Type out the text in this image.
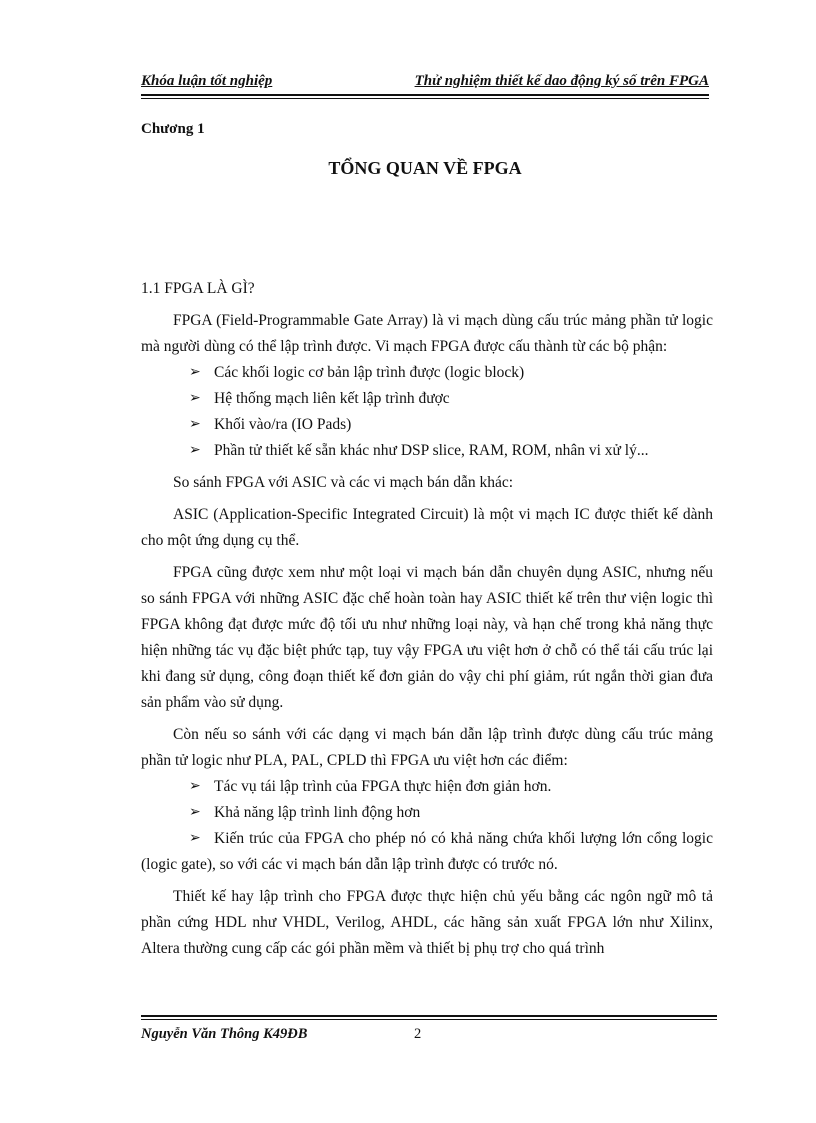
Khóa luận tốt nghiệp	Thử nghiệm thiết kế dao động ký số trên FPGA
Chương 1
TỔNG QUAN VỀ FPGA

1.1 FPGA LÀ GÌ?

FPGA (Field-Programmable Gate Array) là vi mạch dùng cấu trúc mảng phần tử logic mà người dùng có thể lập trình được. Vi mạch FPGA được cấu thành từ các bộ phận:

➢ Các khối logic cơ bản lập trình được (logic block)
➢ Hệ thống mạch liên kết lập trình được
➢ Khối vào/ra (IO Pads)
➢ Phần tử thiết kế sẵn khác như DSP slice, RAM, ROM, nhân vi xử lý...

So sánh FPGA với ASIC và các vi mạch bán dẫn khác:

ASIC (Application-Specific Integrated Circuit) là một vi mạch IC được thiết kế dành cho một ứng dụng cụ thể.

FPGA cũng được xem như một loại vi mạch bán dẫn chuyên dụng ASIC, nhưng nếu so sánh FPGA với những ASIC đặc chế hoàn toàn hay ASIC thiết kế trên thư viện logic thì FPGA không đạt được mức độ tối ưu như những loại này, và hạn chế trong khả năng thực hiện những tác vụ đặc biệt phức tạp, tuy vậy FPGA ưu việt hơn ở chỗ có thể tái cấu trúc lại khi đang sử dụng, công đoạn thiết kế đơn giản do vậy chi phí giảm, rút ngắn thời gian đưa sản phẩm vào sử dụng.

Còn nếu so sánh với các dạng vi mạch bán dẫn lập trình được dùng cấu trúc mảng phần tử logic như PLA, PAL, CPLD thì FPGA ưu việt hơn các điểm:

➢ Tác vụ tái lập trình của FPGA thực hiện đơn giản hơn.
➢ Khả năng lập trình linh động hơn

➢ Kiến trúc của FPGA cho phép nó có khả năng chứa khối lượng lớn cổng logic (logic gate), so với các vi mạch bán dẫn lập trình được có trước nó.

Thiết kế hay lập trình cho FPGA được thực hiện chủ yếu bằng các ngôn ngữ mô tả phần cứng HDL như VHDL, Verilog, AHDL, các hãng sản xuất FPGA lớn như Xilinx, Altera thường cung cấp các gói phần mềm và thiết bị phụ trợ cho quá trình

Nguyễn Văn Thông K49ĐB	2
